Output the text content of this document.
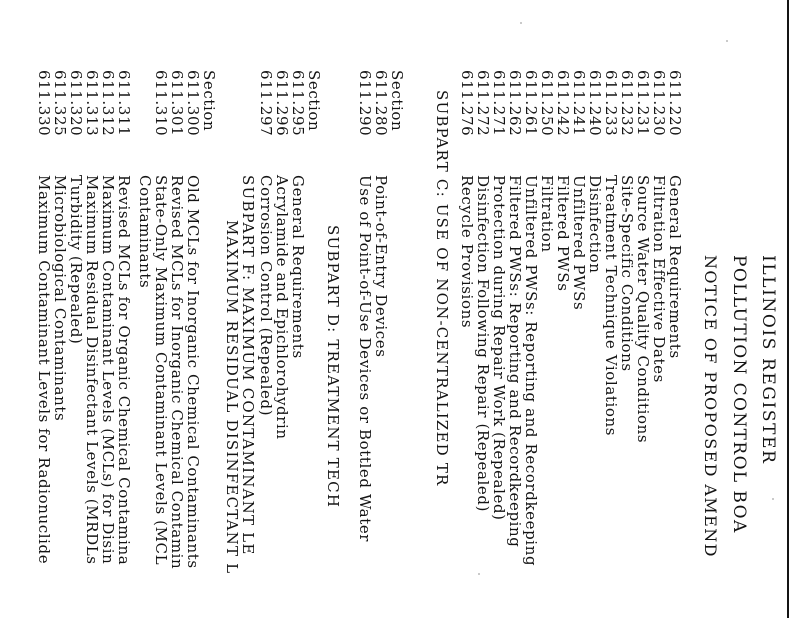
ILLINOIS REGISTER
POLLUTION CONTROL BOA
NOTICE OF PROPOSED AMEND
611.220
General Requirements
611.230
Filtration Effective Dates
611.231
Source Water Quality Conditions
611.232
Site-Specific Conditions
611.233
Treatment Technique Violations
611.240
Disinfection
611.241
Unfiltered PWSs
611.242
Filtered PWSs
611.250
Filtration
611.261
Unfiltered PWSs: Reporting and Recordkeeping
611.262
Filtered PWSs: Reporting and Recordkeeping
611.271
Protection during Repair Work (Repealed)
611.272
Disinfection Following Repair (Repealed)
611.276
Recycle Provisions
SUBPART C: USE OF NON-CENTRALIZED TR
Section
611.280
Point-of-Entry Devices
611.290
Use of Point-of-Use Devices or Bottled Water
SUBPART D: TREATMENT TECH
Section
611.295
General Requirements
611.296
Acrylamide and Epichlorohydrin
611.297
Corrosion Control (Repealed)
SUBPART F: MAXIMUM CONTAMINANT LE
MAXIMUM RESIDUAL DISINFECTANT L
Section
611.300
Old MCLs for Inorganic Chemical Contaminants
611.301
Revised MCLs for Inorganic Chemical Contamin
611.310
State-Only Maximum Contaminant Levels (MCL
Contaminants
611.311
Revised MCLs for Organic Chemical Contamina
611.312
Maximum Contaminant Levels (MCLs) for Disin
611.313
Maximum Residual Disinfectant Levels (MRDLs
611.320
Turbidity (Repealed)
611.325
Microbiological Contaminants
611.330
Maximum Contaminant Levels for Radionuclide
